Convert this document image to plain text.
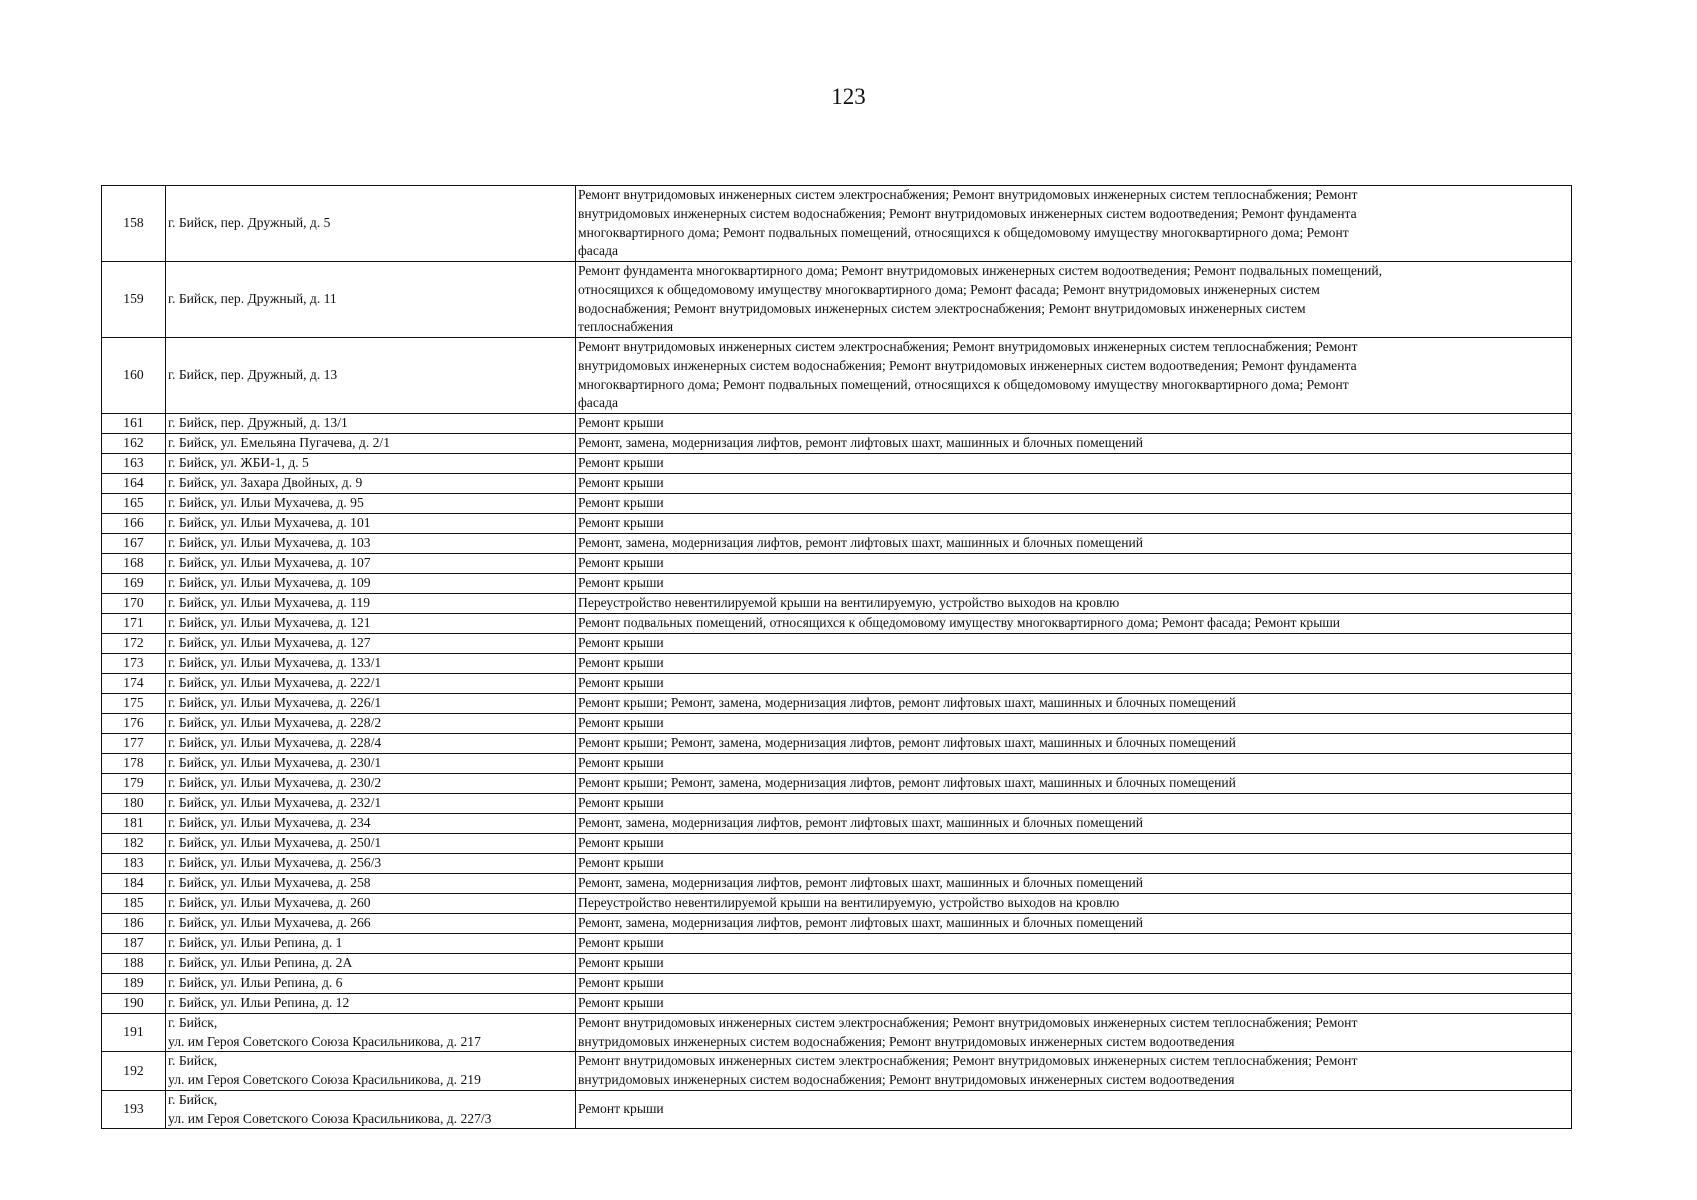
123
158	г. Бийск, пер. Дружный, д. 5	Ремонт внутридомовых инженерных систем электроснабжения; Ремонт внутридомовых инженерных систем теплоснабжения; Ремонт
внутридомовых инженерных систем водоснабжения; Ремонт внутридомовых инженерных систем водоотведения; Ремонт фундамента
многоквартирного дома; Ремонт подвальных помещений, относящихся к общедомовому имуществу многоквартирного дома; Ремонт
фасада

159	г. Бийск, пер. Дружный, д. 11	Ремонт фундамента многоквартирного дома; Ремонт внутридомовых инженерных систем водоотведения; Ремонт подвальных помещений,
относящихся к общедомовому имуществу многоквартирного дома; Ремонт фасада; Ремонт внутридомовых инженерных систем
водоснабжения; Ремонт внутридомовых инженерных систем электроснабжения; Ремонт внутридомовых инженерных систем
теплоснабжения

160	г. Бийск, пер. Дружный, д. 13	Ремонт внутридомовых инженерных систем электроснабжения; Ремонт внутридомовых инженерных систем теплоснабжения; Ремонт
внутридомовых инженерных систем водоснабжения; Ремонт внутридомовых инженерных систем водоотведения; Ремонт фундамента
многоквартирного дома; Ремонт подвальных помещений, относящихся к общедомовому имуществу многоквартирного дома; Ремонт
фасада

161	г. Бийск, пер. Дружный, д. 13/1	Ремонт крыши

162	г. Бийск, ул. Емельяна Пугачева, д. 2/1	Ремонт, замена, модернизация лифтов, ремонт лифтовых шахт, машинных и блочных помещений

163	г. Бийск, ул. ЖБИ-1, д. 5	Ремонт крыши

164	г. Бийск, ул. Захара Двойных, д. 9	Ремонт крыши

165	г. Бийск, ул. Ильи Мухачева, д. 95	Ремонт крыши

166	г. Бийск, ул. Ильи Мухачева, д. 101	Ремонт крыши

167	г. Бийск, ул. Ильи Мухачева, д. 103	Ремонт, замена, модернизация лифтов, ремонт лифтовых шахт, машинных и блочных помещений

168	г. Бийск, ул. Ильи Мухачева, д. 107	Ремонт крыши

169	г. Бийск, ул. Ильи Мухачева, д. 109	Ремонт крыши

170	г. Бийск, ул. Ильи Мухачева, д. 119	Переустройство невентилируемой крыши на вентилируемую, устройство выходов на кровлю

171	г. Бийск, ул. Ильи Мухачева, д. 121	Ремонт подвальных помещений, относящихся к общедомовому имуществу многоквартирного дома; Ремонт фасада; Ремонт крыши

172	г. Бийск, ул. Ильи Мухачева, д. 127	Ремонт крыши

173	г. Бийск, ул. Ильи Мухачева, д. 133/1	Ремонт крыши

174	г. Бийск, ул. Ильи Мухачева, д. 222/1	Ремонт крыши

175	г. Бийск, ул. Ильи Мухачева, д. 226/1	Ремонт крыши; Ремонт, замена, модернизация лифтов, ремонт лифтовых шахт, машинных и блочных помещений

176	г. Бийск, ул. Ильи Мухачева, д. 228/2	Ремонт крыши

177	г. Бийск, ул. Ильи Мухачева, д. 228/4	Ремонт крыши; Ремонт, замена, модернизация лифтов, ремонт лифтовых шахт, машинных и блочных помещений

178	г. Бийск, ул. Ильи Мухачева, д. 230/1	Ремонт крыши

179	г. Бийск, ул. Ильи Мухачева, д. 230/2	Ремонт крыши; Ремонт, замена, модернизация лифтов, ремонт лифтовых шахт, машинных и блочных помещений

180	г. Бийск, ул. Ильи Мухачева, д. 232/1	Ремонт крыши

181	г. Бийск, ул. Ильи Мухачева, д. 234	Ремонт, замена, модернизация лифтов, ремонт лифтовых шахт, машинных и блочных помещений

182	г. Бийск, ул. Ильи Мухачева, д. 250/1	Ремонт крыши

183	г. Бийск, ул. Ильи Мухачева, д. 256/3	Ремонт крыши

184	г. Бийск, ул. Ильи Мухачева, д. 258	Ремонт, замена, модернизация лифтов, ремонт лифтовых шахт, машинных и блочных помещений

185	г. Бийск, ул. Ильи Мухачева, д. 260	Переустройство невентилируемой крыши на вентилируемую, устройство выходов на кровлю

186	г. Бийск, ул. Ильи Мухачева, д. 266	Ремонт, замена, модернизация лифтов, ремонт лифтовых шахт, машинных и блочных помещений

187	г. Бийск, ул. Ильи Репина, д. 1	Ремонт крыши

188	г. Бийск, ул. Ильи Репина, д. 2А	Ремонт крыши

189	г. Бийск, ул. Ильи Репина, д. 6	Ремонт крыши

190	г. Бийск, ул. Ильи Репина, д. 12	Ремонт крыши

191	г. Бийск,
ул. им Героя Советского Союза Красильникова, д. 217	Ремонт внутридомовых инженерных систем электроснабжения; Ремонт внутридомовых инженерных систем теплоснабжения; Ремонт
внутридомовых инженерных систем водоснабжения; Ремонт внутридомовых инженерных систем водоотведения

192	г. Бийск,
ул. им Героя Советского Союза Красильникова, д. 219	Ремонт внутридомовых инженерных систем электроснабжения; Ремонт внутридомовых инженерных систем теплоснабжения; Ремонт
внутридомовых инженерных систем водоснабжения; Ремонт внутридомовых инженерных систем водоотведения

193	г. Бийск,
ул. им Героя Советского Союза Красильникова, д. 227/3	Ремонт крыши
